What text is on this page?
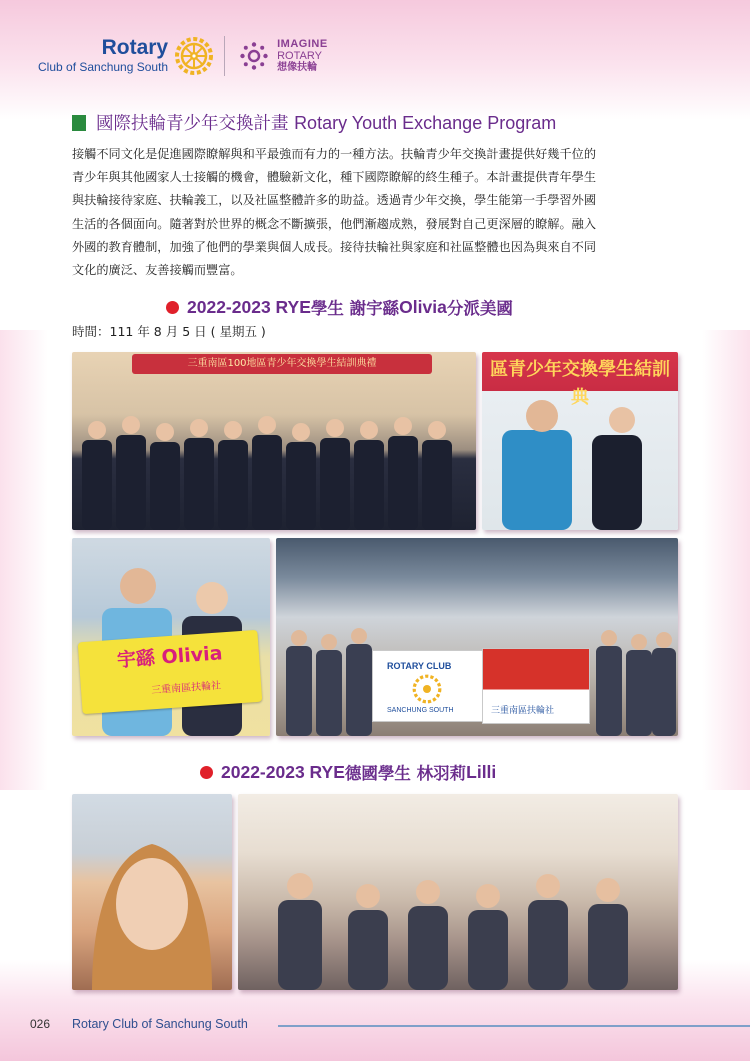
Rotary
Club of Sanchung South
IMAGINE
ROTARY
想像扶輪
國際扶輪青少年交換計畫 Rotary Youth Exchange Program
接觸不同文化是促進國際瞭解與和平最強而有力的一種方法。扶輪青少年交換計畫提供好幾千位的
青少年與其他國家人士接觸的機會，體驗新文化，種下國際瞭解的終生種子。本計畫提供青年學生
與扶輪接待家庭、扶輪義工，以及社區整體許多的助益。透過青少年交換，學生能第一手學習外國
生活的各個面向。隨著對於世界的概念不斷擴張，他們漸趨成熟，發展對自己更深層的瞭解。融入
外國的教育體制，加強了他們的學業與個人成長。接待扶輪社與家庭和社區整體也因為與來自不同
文化的廣泛、友善接觸而豐富。
2022-2023 RYE 學生 謝宇繇 Olivia 分派美國
時間：111 年 8 月 5 日 ( 星期五 )
三重南區100地區青少年交換學生結訓典禮	區青少年交換學生結訓典
宇繇 Olivia
三重南區扶輪社
ROTARY CLUB
SANCHUNG SOUTH	三重南區扶輪社
2022-2023 RYE 德國學生 林羽莉 Lilli
026 Rotary Club of Sanchung South
